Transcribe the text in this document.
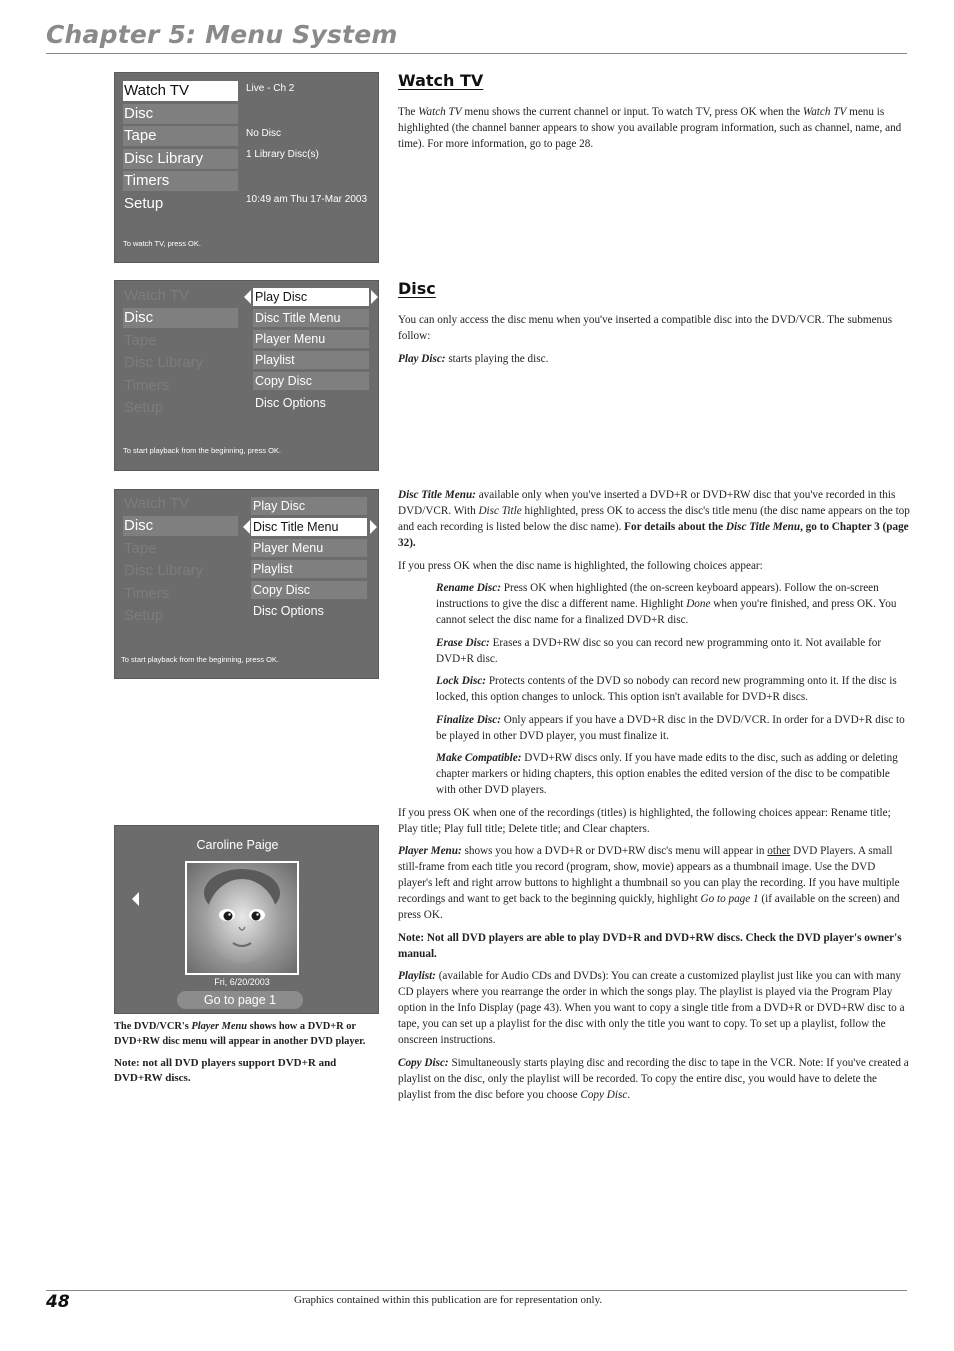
Chapter 5: Menu System
Watch TV
Disc
Tape
Disc Library
Timers
Setup
Live - Ch 2
No Disc
1 Library Disc(s)
10:49 am Thu 17-Mar 2003
To watch TV, press OK.
Watch TV
Disc
Tape
Disc Library
Timers
Setup
Play Disc
Disc Title Menu
Player Menu
Playlist
Copy Disc
Disc Options
To start playback from the beginning, press OK.
Watch TV
Disc
Tape
Disc Library
Timers
Setup
Play Disc
Disc Title Menu
Player Menu
Playlist
Copy Disc
Disc Options
To start playback from the beginning, press OK.
Caroline Paige
Fri, 6/20/2003
Go to page 1
The DVD/VCR's Player Menu shows how a DVD+R or DVD+RW disc menu will appear in another DVD player.
Note: not all DVD players support DVD+R and DVD+RW discs.
Watch TV
The Watch TV menu shows the current channel or input. To watch TV, press OK when the Watch TV menu is highlighted (the channel banner appears to show you available program information, such as channel, name, and time). For more information, go to page 28.
Disc
You can only access the disc menu when you've inserted a compatible disc into the DVD/VCR. The submenus follow:
Play Disc: starts playing the disc.
Disc Title Menu: available only when you've inserted a DVD+R or DVD+RW disc that you've recorded in this DVD/VCR. With Disc Title highlighted, press OK to access the disc's title menu (the disc name appears on the top and each recording is listed below the disc name). For details about the Disc Title Menu, go to Chapter 3 (page 32).
If you press OK when the disc name is highlighted, the following choices appear:
Rename Disc: Press OK when highlighted (the on-screen keyboard appears). Follow the on-screen instructions to give the disc a different name. Highlight Done when you're finished, and press OK. You cannot select the disc name for a finalized DVD+R disc.
Erase Disc: Erases a DVD+RW disc so you can record new programming onto it. Not available for DVD+R disc.
Lock Disc: Protects contents of the DVD so nobody can record new programming onto it. If the disc is locked, this option changes to unlock. This option isn't available for DVD+R discs.
Finalize Disc: Only appears if you have a DVD+R disc in the DVD/VCR. In order for a DVD+R disc to be played in other DVD player, you must finalize it.
Make Compatible: DVD+RW discs only. If you have made edits to the disc, such as adding or deleting chapter markers or hiding chapters, this option enables the edited version of the disc to be compatible with other DVD players.
If you press OK when one of the recordings (titles) is highlighted, the following choices appear: Rename title; Play title; Play full title; Delete title; and Clear chapters.
Player Menu: shows you how a DVD+R or DVD+RW disc's menu will appear in other DVD Players. A small still-frame from each title you record (program, show, movie) appears as a thumbnail image. Use the DVD player's left and right arrow buttons to highlight a thumbnail so you can play the recording. If you have multiple recordings and want to get back to the beginning quickly, highlight Go to page 1 (if available on the screen) and press OK.
Note: Not all DVD players are able to play DVD+R and DVD+RW discs. Check the DVD player's owner's manual.
Playlist: (available for Audio CDs and DVDs): You can create a customized playlist just like you can with many CD players where you rearrange the order in which the songs play. The playlist is played via the Program Play option in the Info Display (page 43). When you want to copy a single title from a DVD+R or DVD+RW disc to a tape, you can set up a playlist for the disc with only the title you want to copy. To set up a playlist, follow the onscreen instructions.
Copy Disc: Simultaneously starts playing disc and recording the disc to tape in the VCR. Note: If you've created a playlist on the disc, only the playlist will be recorded. To copy the entire disc, you would have to delete the playlist from the disc before you choose Copy Disc.
48	Graphics contained within this publication are for representation only.
